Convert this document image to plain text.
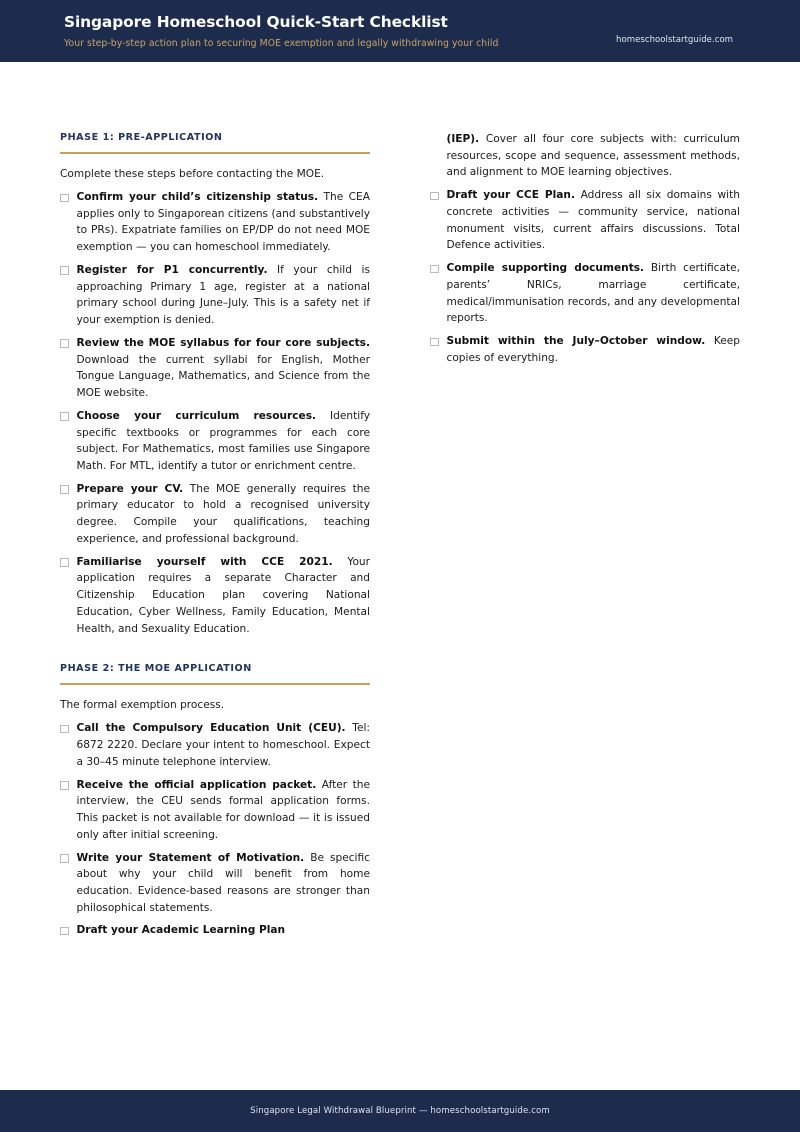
Singapore Homeschool Quick-Start Checklist
Your step-by-step action plan to securing MOE exemption and legally withdrawing your child	homeschoolstartguide.com
PHASE 1: PRE-APPLICATION
Complete these steps before contacting the MOE.
Confirm your child’s citizenship status. The CEA applies only to Singaporean citizens (and substantively to PRs). Expatriate families on EP/DP do not need MOE exemption — you can homeschool immediately.
Register for P1 concurrently. If your child is approaching Primary 1 age, register at a national primary school during June–July. This is a safety net if your exemption is denied.
Review the MOE syllabus for four core subjects. Download the current syllabi for English, Mother Tongue Language, Mathematics, and Science from the MOE website.
Choose your curriculum resources. Identify specific textbooks or programmes for each core subject. For Mathematics, most families use Singapore Math. For MTL, identify a tutor or enrichment centre.
Prepare your CV. The MOE generally requires the primary educator to hold a recognised university degree. Compile your qualifications, teaching experience, and professional background.
Familiarise yourself with CCE 2021. Your application requires a separate Character and Citizenship Education plan covering National Education, Cyber Wellness, Family Education, Mental Health, and Sexuality Education.
PHASE 2: THE MOE APPLICATION
The formal exemption process.
Call the Compulsory Education Unit (CEU). Tel: 6872 2220. Declare your intent to homeschool. Expect a 30–45 minute telephone interview.
Receive the official application packet. After the interview, the CEU sends formal application forms. This packet is not available for download — it is issued only after initial screening.
Write your Statement of Motivation. Be specific about why your child will benefit from home education. Evidence-based reasons are stronger than philosophical statements.
Draft your Academic Learning Plan
(IEP). Cover all four core subjects with: curriculum resources, scope and sequence, assessment methods, and alignment to MOE learning objectives.
Draft your CCE Plan. Address all six domains with concrete activities — community service, national monument visits, current affairs discussions. Total Defence activities.
Compile supporting documents. Birth certificate, parents’ NRICs, marriage certificate, medical/immunisation records, and any developmental reports.
Submit within the July–October window. Keep copies of everything.
Singapore Legal Withdrawal Blueprint — homeschoolstartguide.com
